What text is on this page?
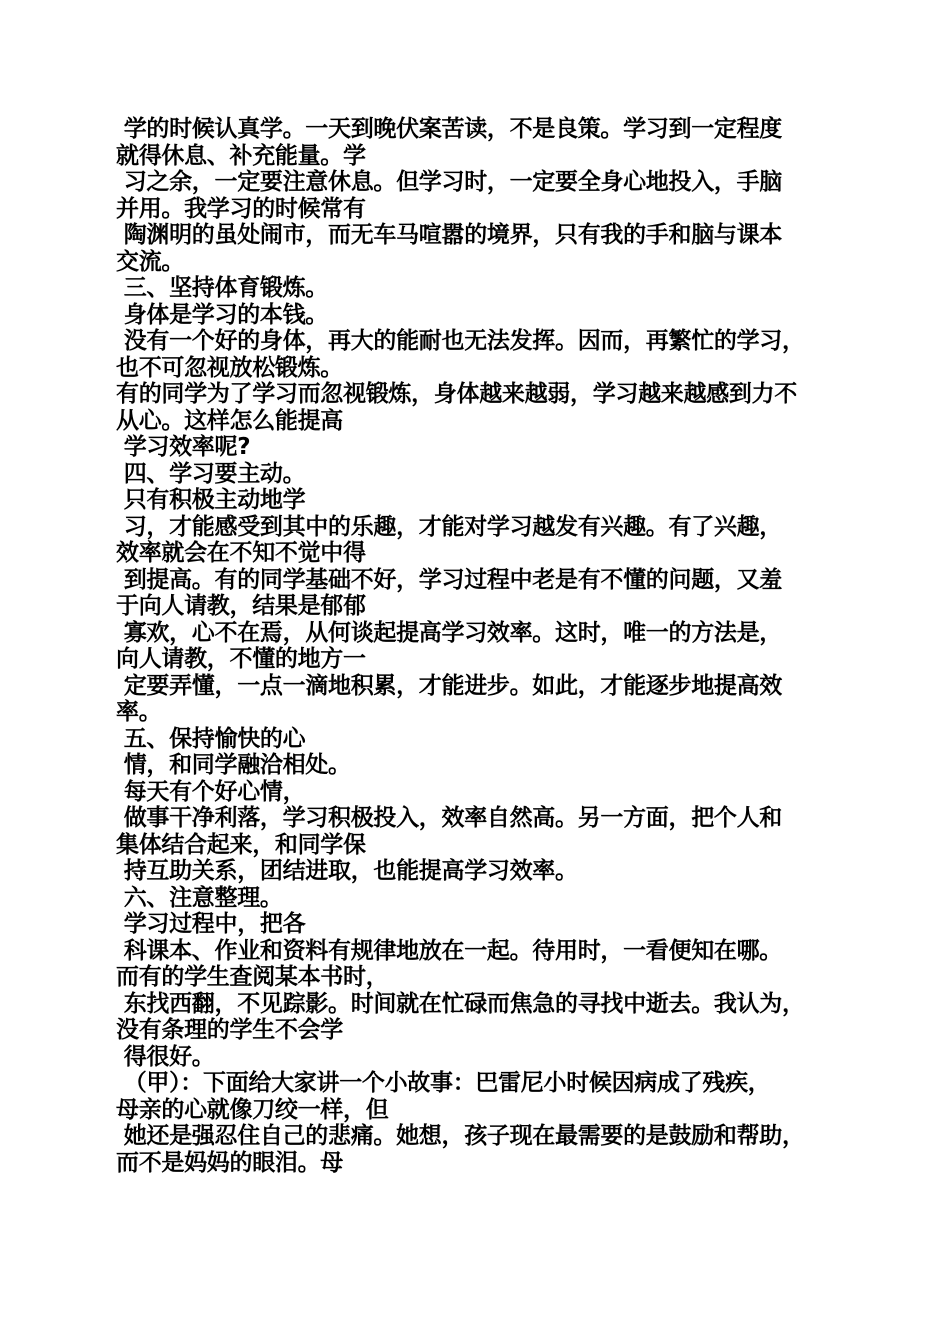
学的时候认真学。一天到晚伏案苦读，不是良策。学习到一定程度
就得休息、补充能量。学
习之余，一定要注意休息。但学习时，一定要全身心地投入，手脑
并用。我学习的时候常有
陶渊明的虽处闹市，而无车马喧嚣的境界，只有我的手和脑与课本
交流。
三、坚持体育锻炼。
身体是学习的本钱。
没有一个好的身体，再大的能耐也无法发挥。因而，再繁忙的学习，
也不可忽视放松锻炼。
有的同学为了学习而忽视锻炼，身体越来越弱，学习越来越感到力不
从心。这样怎么能提高
学习效率呢?
四、学习要主动。
只有积极主动地学
习，才能感受到其中的乐趣，才能对学习越发有兴趣。有了兴趣，
效率就会在不知不觉中得
到提高。有的同学基础不好，学习过程中老是有不懂的问题，又羞
于向人请教，结果是郁郁
寡欢，心不在焉，从何谈起提高学习效率。这时，唯一的方法是，
向人请教，不懂的地方一
定要弄懂，一点一滴地积累，才能进步。如此，才能逐步地提高效
率。
五、保持愉快的心
情，和同学融洽相处。
每天有个好心情，
做事干净利落，学习积极投入，效率自然高。另一方面，把个人和
集体结合起来，和同学保
持互助关系，团结进取，也能提高学习效率。
六、注意整理。
学习过程中，把各
科课本、作业和资料有规律地放在一起。待用时，一看便知在哪。
而有的学生查阅某本书时，
东找西翻，不见踪影。时间就在忙碌而焦急的寻找中逝去。我认为，
没有条理的学生不会学
得很好。
（甲）：下面给大家讲一个小故事：巴雷尼小时候因病成了残疾，
母亲的心就像刀绞一样，但
她还是强忍住自己的悲痛。她想，孩子现在最需要的是鼓励和帮助，
而不是妈妈的眼泪。母
